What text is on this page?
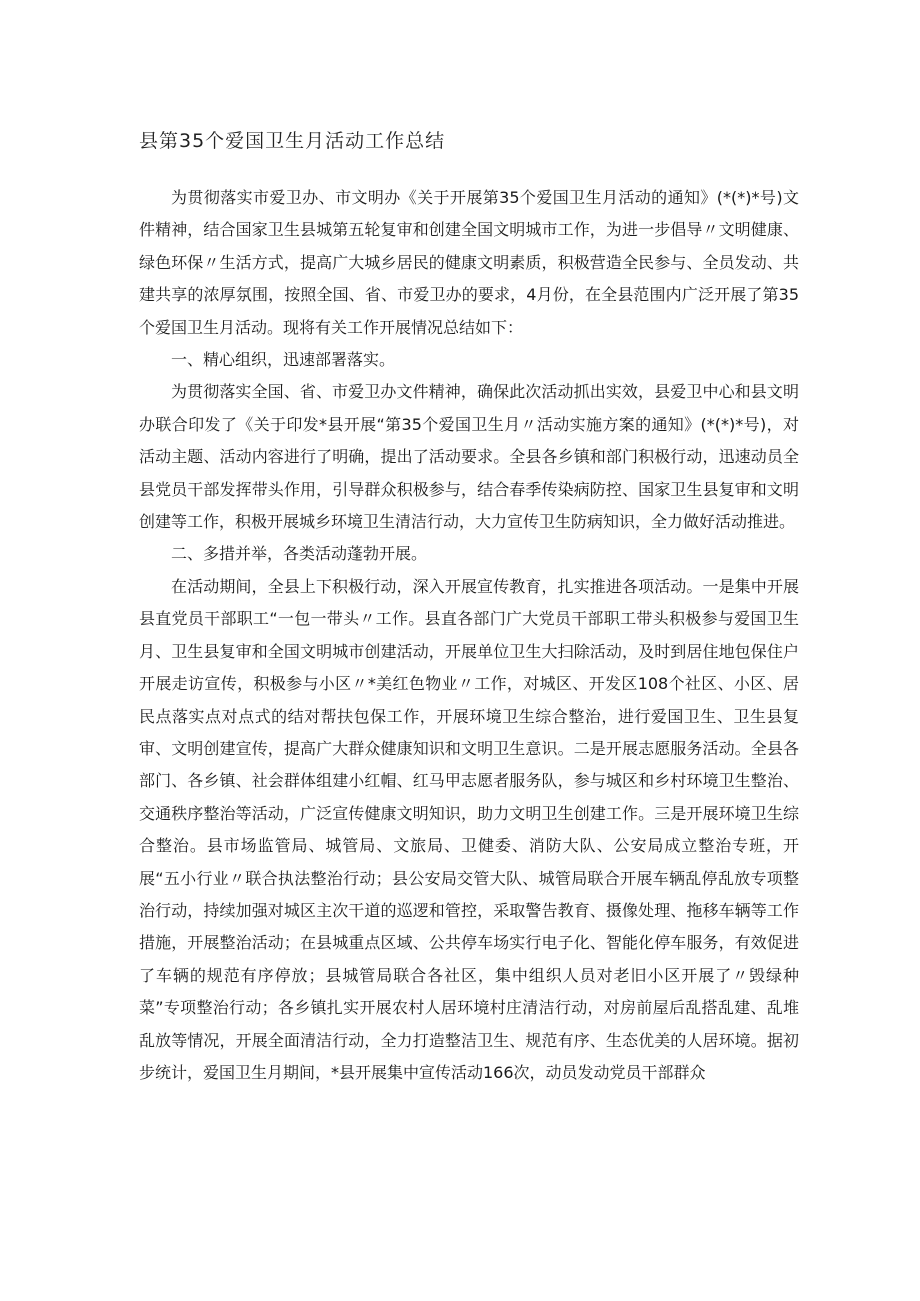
县第35个爱国卫生月活动工作总结

为贯彻落实市爱卫办、市文明办《关于开展第35个爱国卫生月活动的通知》(*(*)*号)文件精神，结合国家卫生县城第五轮复审和创建全国文明城市工作，为进一步倡导〃文明健康、绿色环保〃生活方式，提高广大城乡居民的健康文明素质，积极营造全民参与、全员发动、共建共享的浓厚氛围，按照全国、省、市爱卫办的要求，4月份，在全县范围内广泛开展了第35个爱国卫生月活动。现将有关工作开展情况总结如下：

一、精心组织，迅速部署落实。

为贯彻落实全国、省、市爱卫办文件精神，确保此次活动抓出实效，县爱卫中心和县文明办联合印发了《关于印发*县开展“第35个爱国卫生月〃活动实施方案的通知》(*(*)*号)，对活动主题、活动内容进行了明确，提出了活动要求。全县各乡镇和部门积极行动，迅速动员全县党员干部发挥带头作用，引导群众积极参与，结合春季传染病防控、国家卫生县复审和文明创建等工作，积极开展城乡环境卫生清洁行动，大力宣传卫生防病知识，全力做好活动推进。

二、多措并举，各类活动蓬勃开展。

在活动期间，全县上下积极行动，深入开展宣传教育，扎实推进各项活动。一是集中开展县直党员干部职工“一包一带头〃工作。县直各部门广大党员干部职工带头积极参与爱国卫生月、卫生县复审和全国文明城市创建活动，开展单位卫生大扫除活动，及时到居住地包保住户开展走访宣传，积极参与小区〃*美红色物业〃工作，对城区、开发区108个社区、小区、居民点落实点对点式的结对帮扶包保工作，开展环境卫生综合整治，进行爱国卫生、卫生县复审、文明创建宣传，提高广大群众健康知识和文明卫生意识。二是开展志愿服务活动。全县各部门、各乡镇、社会群体组建小红帽、红马甲志愿者服务队，参与城区和乡村环境卫生整治、交通秩序整治等活动，广泛宣传健康文明知识，助力文明卫生创建工作。三是开展环境卫生综合整治。县市场监管局、城管局、文旅局、卫健委、消防大队、公安局成立整治专班，开展“五小行业〃联合执法整治行动；县公安局交管大队、城管局联合开展车辆乱停乱放专项整治行动，持续加强对城区主次干道的巡逻和管控，采取警告教育、摄像处理、拖移车辆等工作措施，开展整治活动；在县城重点区域、公共停车场实行电子化、智能化停车服务，有效促进了车辆的规范有序停放；县城管局联合各社区，集中组织人员对老旧小区开展了〃毁绿种菜”专项整治行动；各乡镇扎实开展农村人居环境村庄清洁行动，对房前屋后乱搭乱建、乱堆乱放等情况，开展全面清洁行动，全力打造整洁卫生、规范有序、生态优美的人居环境。据初步统计，爱国卫生月期间，*县开展集中宣传活动166次，动员发动党员干部群众
